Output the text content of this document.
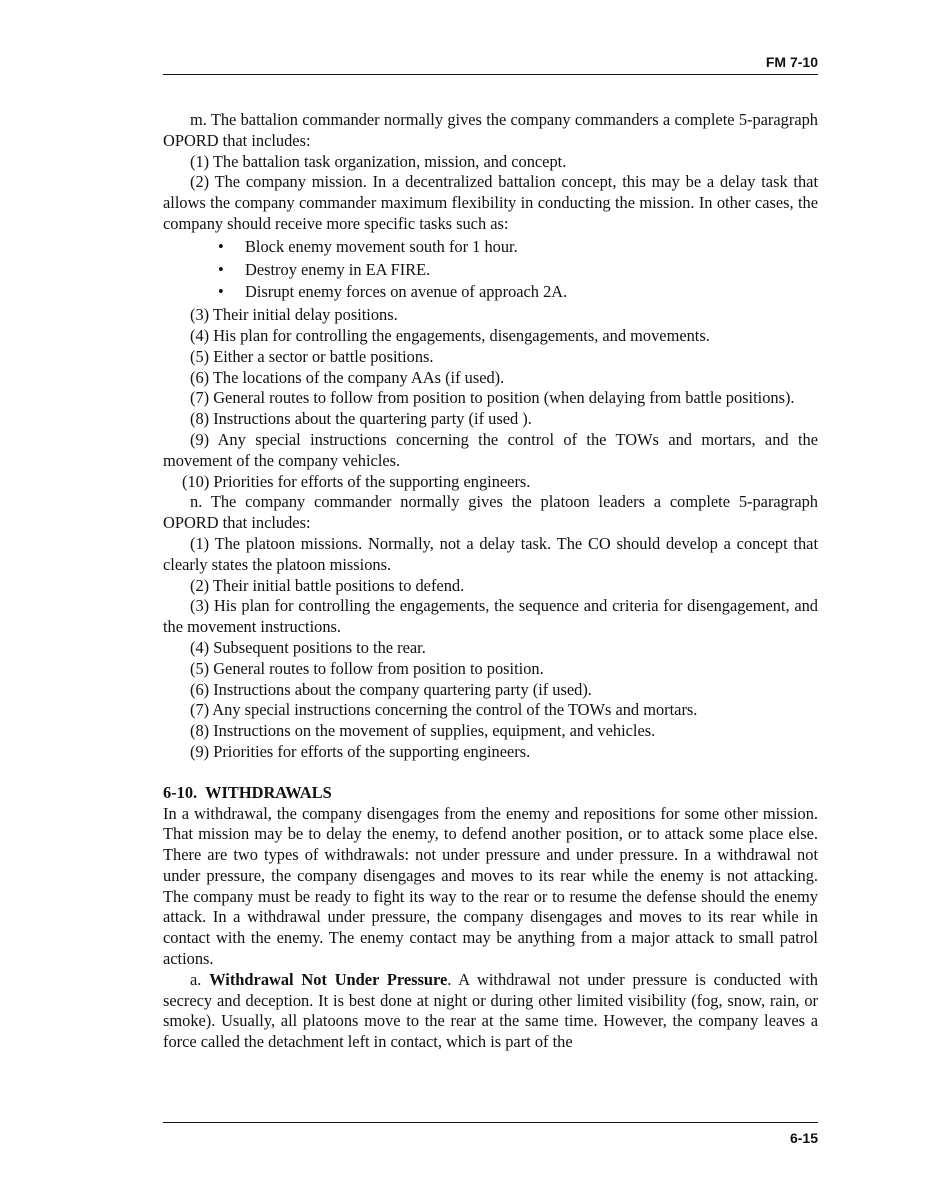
FM 7-10

m. The battalion commander normally gives the company commanders a complete 5-paragraph OPORD that includes:

(1) The battalion task organization, mission, and concept.

(2) The company mission. In a decentralized battalion concept, this may be a delay task that allows the company commander maximum flexibility in conducting the mission. In other cases, the company should receive more specific tasks such as:

• Block enemy movement south for 1 hour.
• Destroy enemy in EA FIRE.
• Disrupt enemy forces on avenue of approach 2A.

(3) Their initial delay positions.

(4) His plan for controlling the engagements, disengagements, and movements.

(5) Either a sector or battle positions.

(6) The locations of the company AAs (if used).

(7) General routes to follow from position to position (when delaying from battle positions).

(8) Instructions about the quartering party (if used ).

(9) Any special instructions concerning the control of the TOWs and mortars, and the movement of the company vehicles.

(10) Priorities for efforts of the supporting engineers.

n. The company commander normally gives the platoon leaders a complete 5-paragraph OPORD that includes:

(1) The platoon missions. Normally, not a delay task. The CO should develop a concept that clearly states the platoon missions.

(2) Their initial battle positions to defend.

(3) His plan for controlling the engagements, the sequence and criteria for disengagement, and the movement instructions.

(4) Subsequent positions to the rear.

(5) General routes to follow from position to position.

(6) Instructions about the company quartering party (if used).

(7) Any special instructions concerning the control of the TOWs and mortars.

(8) Instructions on the movement of supplies, equipment, and vehicles.

(9) Priorities for efforts of the supporting engineers.

6-10. WITHDRAWALS

In a withdrawal, the company disengages from the enemy and repositions for some other mission. That mission may be to delay the enemy, to defend another position, or to attack some place else. There are two types of withdrawals: not under pressure and under pressure. In a withdrawal not under pressure, the company disengages and moves to its rear while the enemy is not attacking. The company must be ready to fight its way to the rear or to resume the defense should the enemy attack. In a withdrawal under pressure, the company disengages and moves to its rear while in contact with the enemy. The enemy contact may be anything from a major attack to small patrol actions.

a. Withdrawal Not Under Pressure. A withdrawal not under pressure is conducted with secrecy and deception. It is best done at night or during other limited visibility (fog, snow, rain, or smoke). Usually, all platoons move to the rear at the same time. However, the company leaves a force called the detachment left in contact, which is part of the

6-15
